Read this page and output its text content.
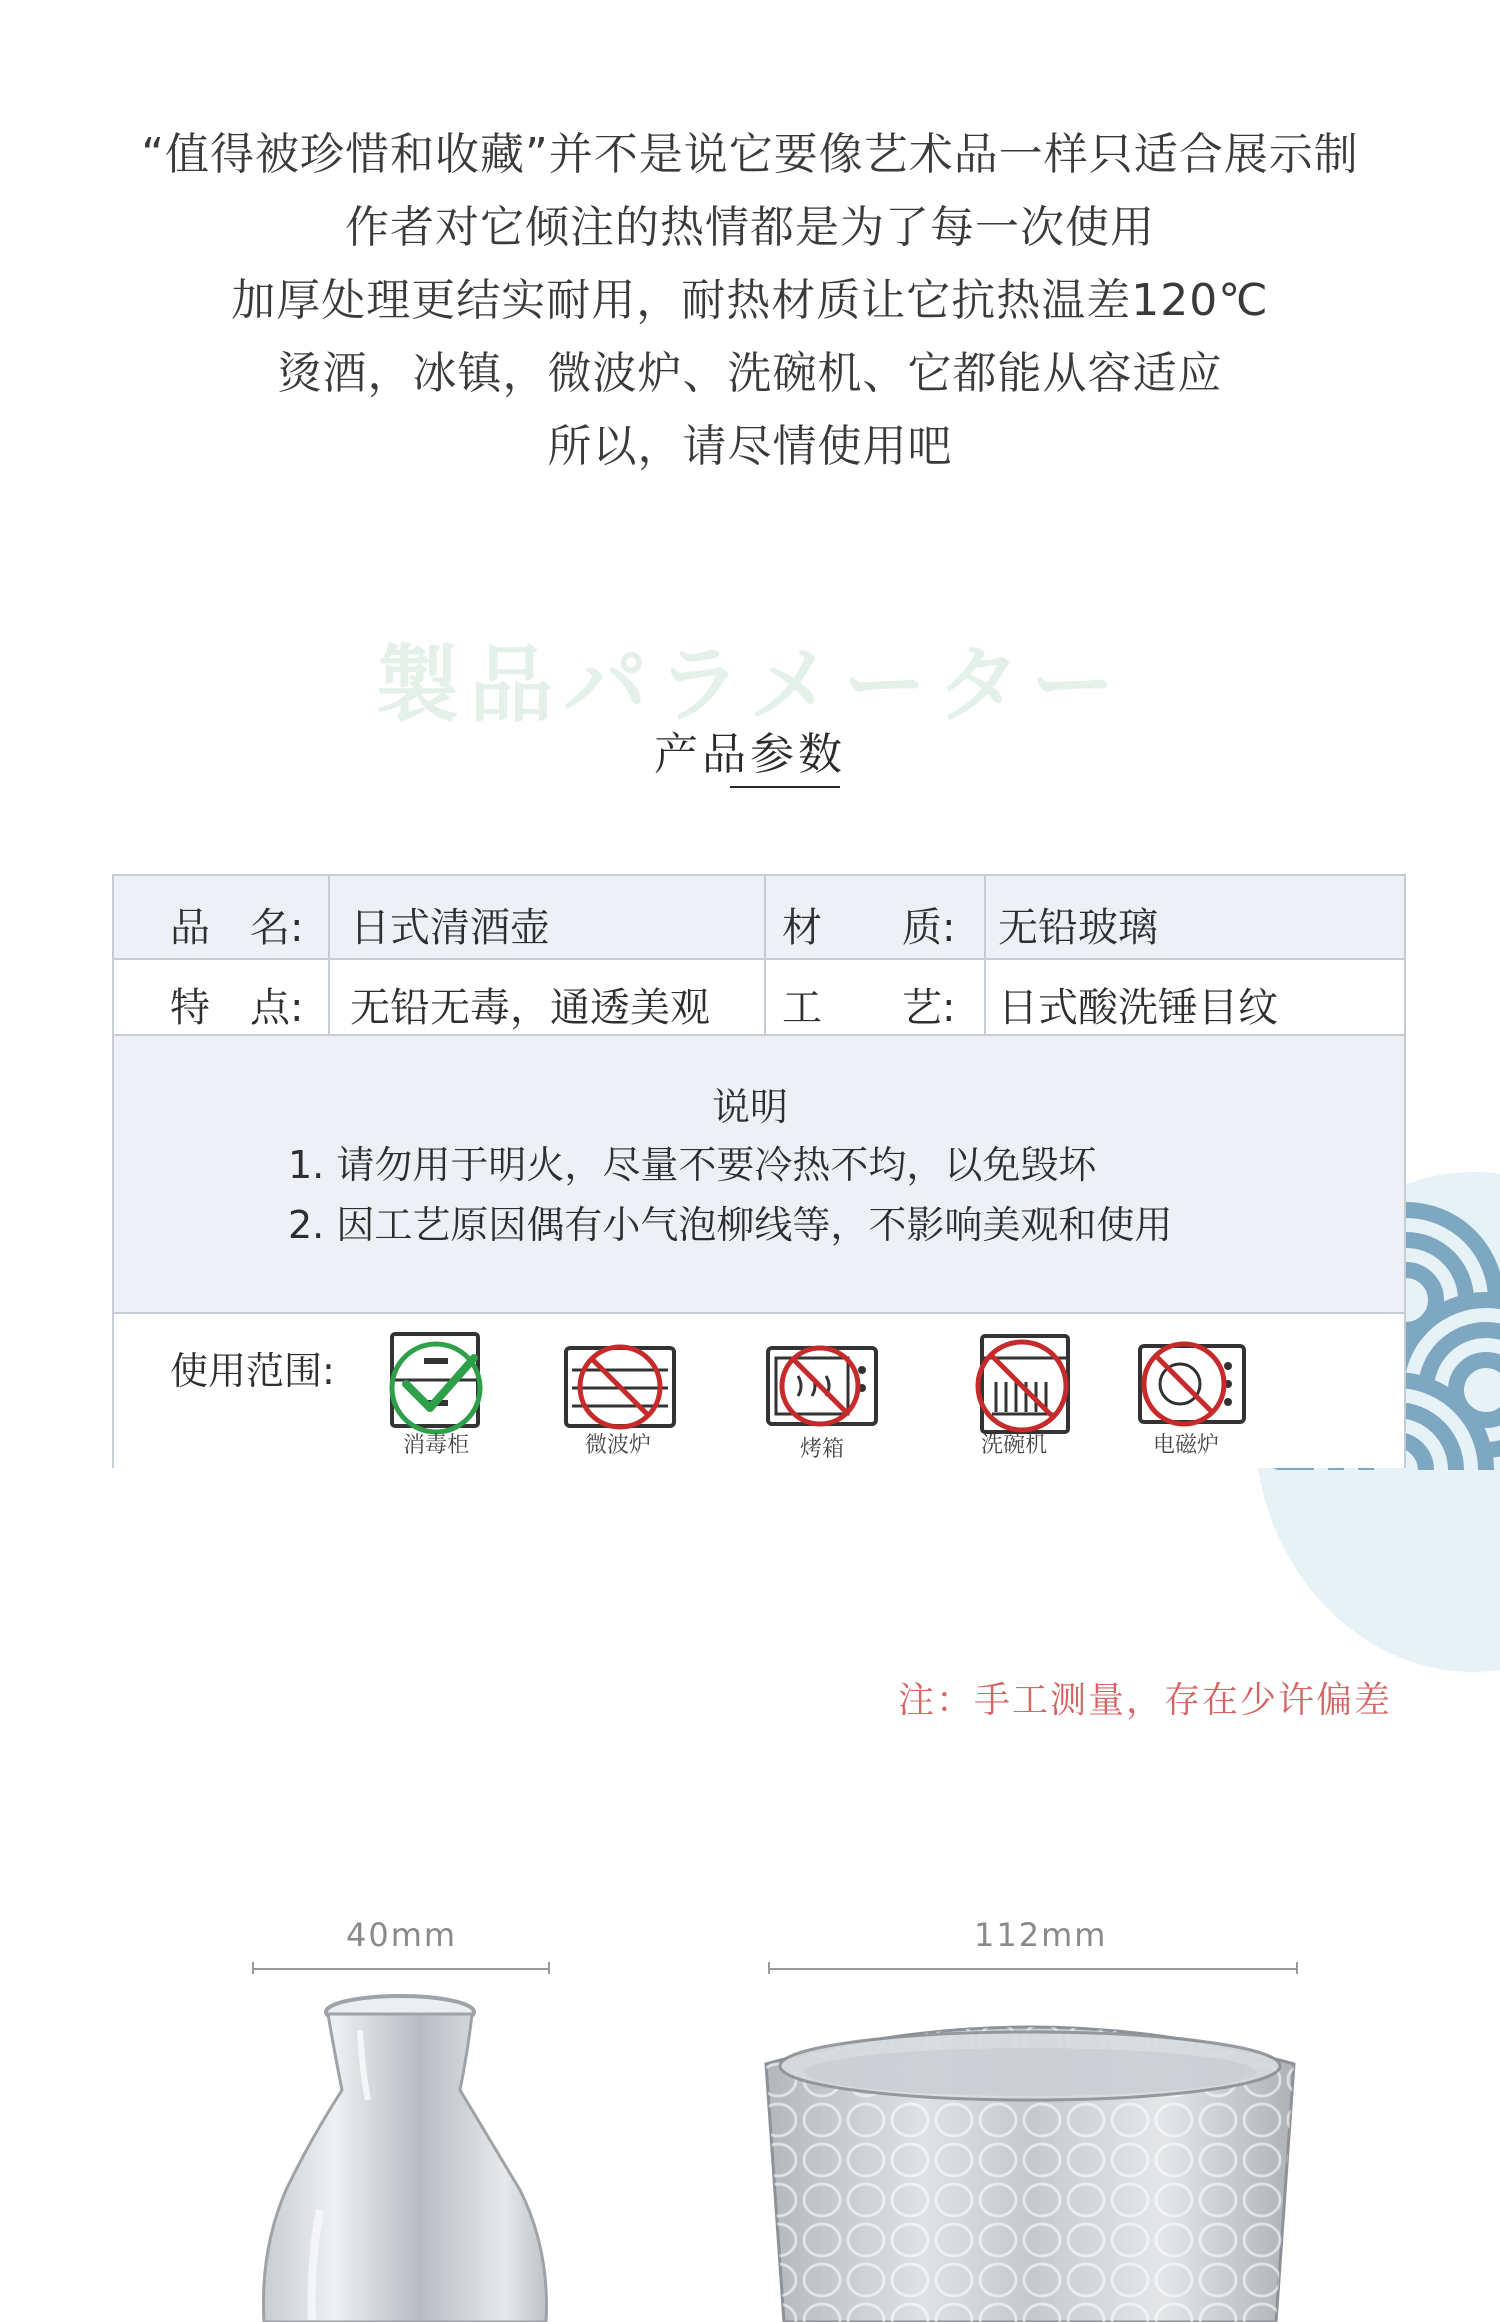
“值得被珍惜和收藏”并不是说它要像艺术品一样只适合展示制
作者对它倾注的热情都是为了每一次使用
加厚处理更结实耐用，耐热材质让它抗热温差120℃
烫酒，冰镇，微波炉、洗碗机、它都能从容适应
所以，请尽情使用吧
製品パラメーター
产品参数
品　名: 日式清酒壶	材　　质: 无铅玻璃
特　点: 无铅无毒，通透美观 工　　艺: 日式酸洗锤目纹
说明
1. 请勿用于明火，尽量不要冷热不均，以免毁坏
2. 因工艺原因偶有小气泡柳线等，不影响美观和使用
使用范围:
消毒柜	微波炉	烤箱	洗碗机	电磁炉
注：手工测量，存在少许偏差
40mm	112mm
